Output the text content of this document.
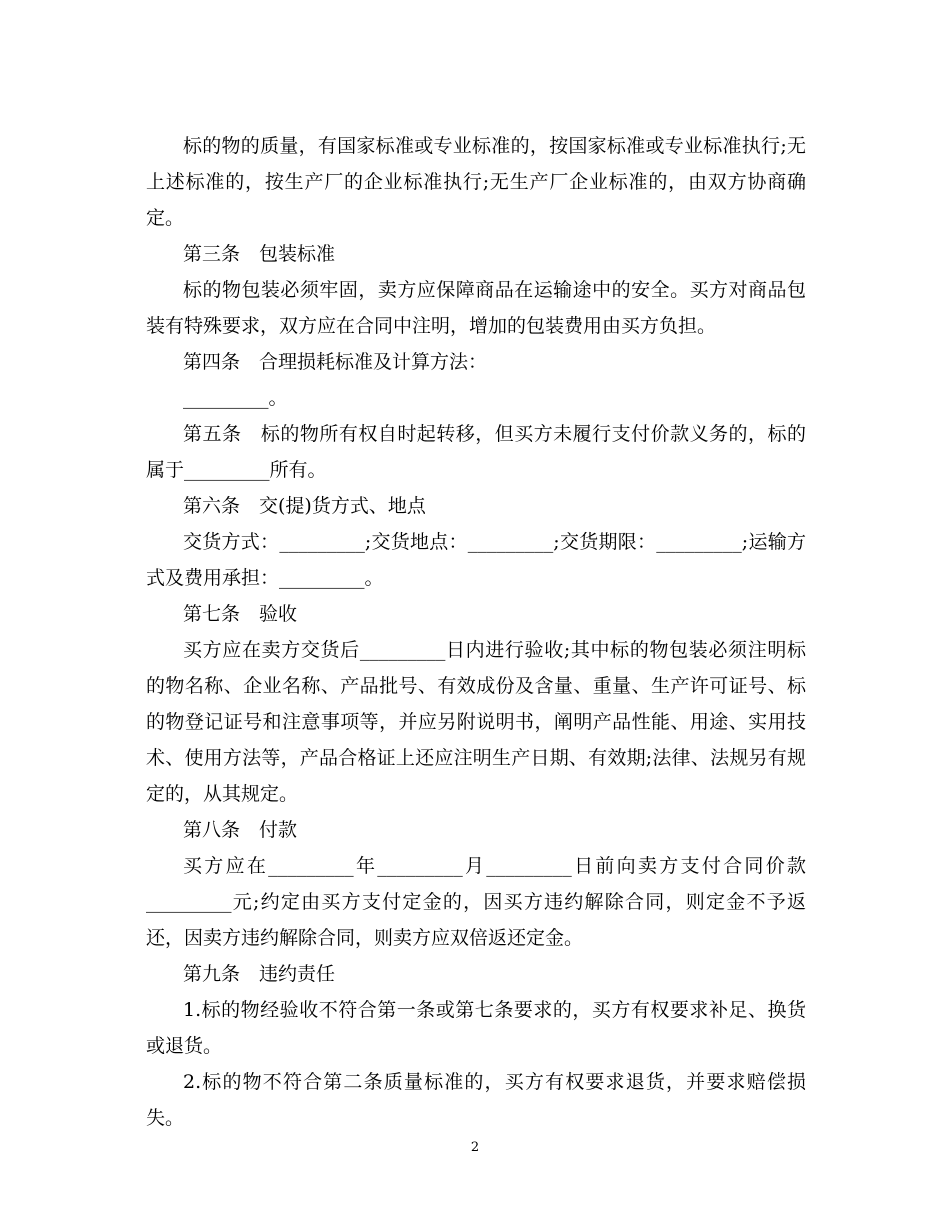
标的物的质量，有国家标准或专业标准的，按国家标准或专业标准执行;无上述标准的，按生产厂的企业标准执行;无生产厂企业标准的，由双方协商确定。

第三条　包装标准

标的物包装必须牢固，卖方应保障商品在运输途中的安全。买方对商品包装有特殊要求，双方应在合同中注明，增加的包装费用由买方负担。

第四条　合理损耗标准及计算方法：

_________。

第五条　标的物所有权自时起转移，但买方未履行支付价款义务的，标的属于_________所有。

第六条　交(提)货方式、地点

交货方式：_________;交货地点：_________;交货期限：_________;运输方式及费用承担：_________。

第七条　验收

买方应在卖方交货后_________日内进行验收;其中标的物包装必须注明标的物名称、企业名称、产品批号、有效成份及含量、重量、生产许可证号、标的物登记证号和注意事项等，并应另附说明书，阐明产品性能、用途、实用技术、使用方法等，产品合格证上还应注明生产日期、有效期;法律、法规另有规定的，从其规定。

第八条　付款

买方应在_________年_________月_________日前向卖方支付合同价款_________元;约定由买方支付定金的，因买方违约解除合同，则定金不予返还，因卖方违约解除合同，则卖方应双倍返还定金。

第九条　违约责任

1.标的物经验收不符合第一条或第七条要求的，买方有权要求补足、换货或退货。

2.标的物不符合第二条质量标准的，买方有权要求退货，并要求赔偿损失。

2
